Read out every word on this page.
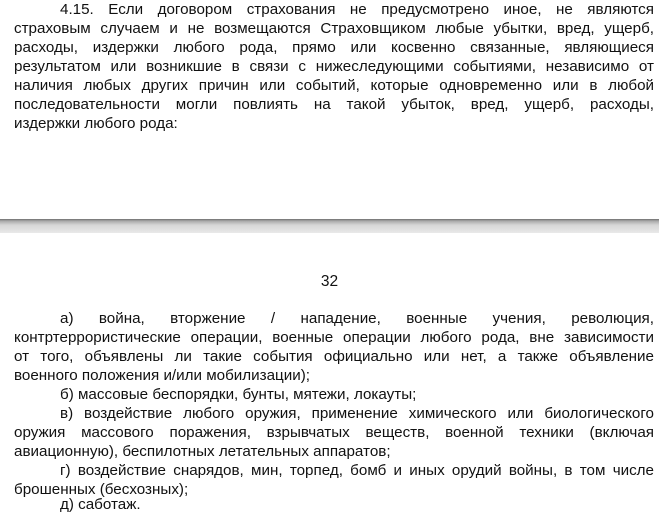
4.15. Если договором страхования не предусмотрено иное, не являются
страховым случаем и не возмещаются Страховщиком любые убытки, вред, ущерб,
расходы, издержки любого рода, прямо или косвенно связанные, являющиеся
результатом или возникшие в связи с нижеследующими событиями, независимо от
наличия любых других причин или событий, которые одновременно или в любой
последовательности могли повлиять на такой убыток, вред, ущерб, расходы,
издержки любого рода:
32
а) война, вторжение / нападение, военные учения, революция,
контртеррористические операции, военные операции любого рода, вне зависимости
от того, объявлены ли такие события официально или нет, а также объявление
военного положения и/или мобилизации);
б) массовые беспорядки, бунты, мятежи, локауты;
в) воздействие любого оружия, применение химического или биологического
оружия массового поражения, взрывчатых веществ, военной техники (включая
авиационную), беспилотных летательных аппаратов;
г) воздействие снарядов, мин, торпед, бомб и иных орудий войны, в том числе
брошенных (бесхозных);
д) саботаж.
